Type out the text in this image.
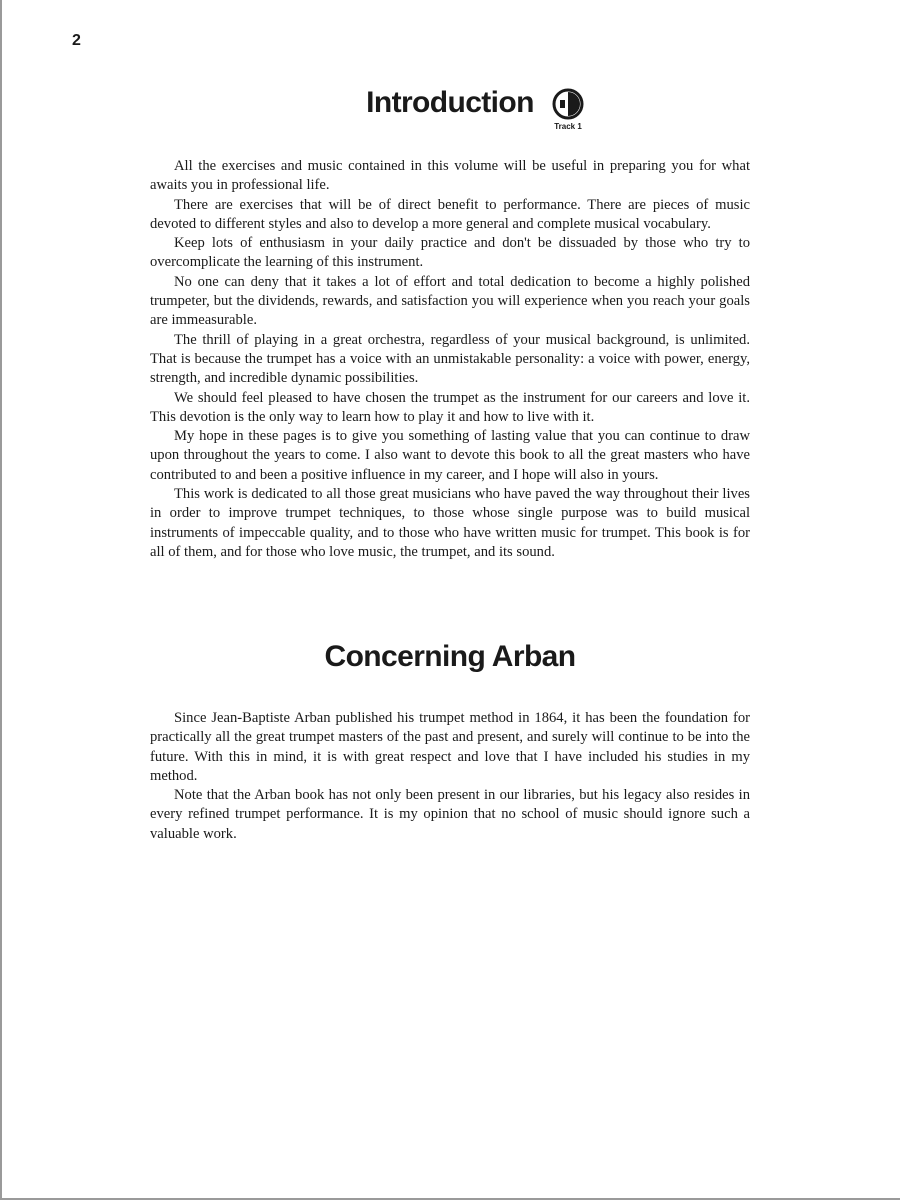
2
Introduction
Track 1

All the exercises and music contained in this volume will be useful in preparing you for what awaits you in professional life.

There are exercises that will be of direct benefit to performance. There are pieces of music devoted to different styles and also to develop a more general and complete musical vocabulary.

Keep lots of enthusiasm in your daily practice and don't be dissuaded by those who try to overcomplicate the learning of this instrument.

No one can deny that it takes a lot of effort and total dedication to become a highly polished trumpeter, but the dividends, rewards, and satisfaction you will experience when you reach your goals are immeasurable.

The thrill of playing in a great orchestra, regardless of your musical background, is unlimited. That is because the trumpet has a voice with an unmistakable personality: a voice with power, energy, strength, and incredible dynamic possibilities.

We should feel pleased to have chosen the trumpet as the instrument for our careers and love it. This devotion is the only way to learn how to play it and how to live with it.

My hope in these pages is to give you something of lasting value that you can continue to draw upon throughout the years to come. I also want to devote this book to all the great masters who have contributed to and been a positive influence in my career, and I hope will also in yours.

This work is dedicated to all those great musicians who have paved the way throughout their lives in order to improve trumpet techniques, to those whose single purpose was to build musical instruments of impeccable quality, and to those who have written music for trumpet. This book is for all of them, and for those who love music, the trumpet, and its sound.

Concerning Arban

Since Jean-Baptiste Arban published his trumpet method in 1864, it has been the foundation for practically all the great trumpet masters of the past and present, and surely will continue to be into the future. With this in mind, it is with great respect and love that I have included his studies in my method.

Note that the Arban book has not only been present in our libraries, but his legacy also resides in every refined trumpet performance. It is my opinion that no school of music should ignore such a valuable work.
